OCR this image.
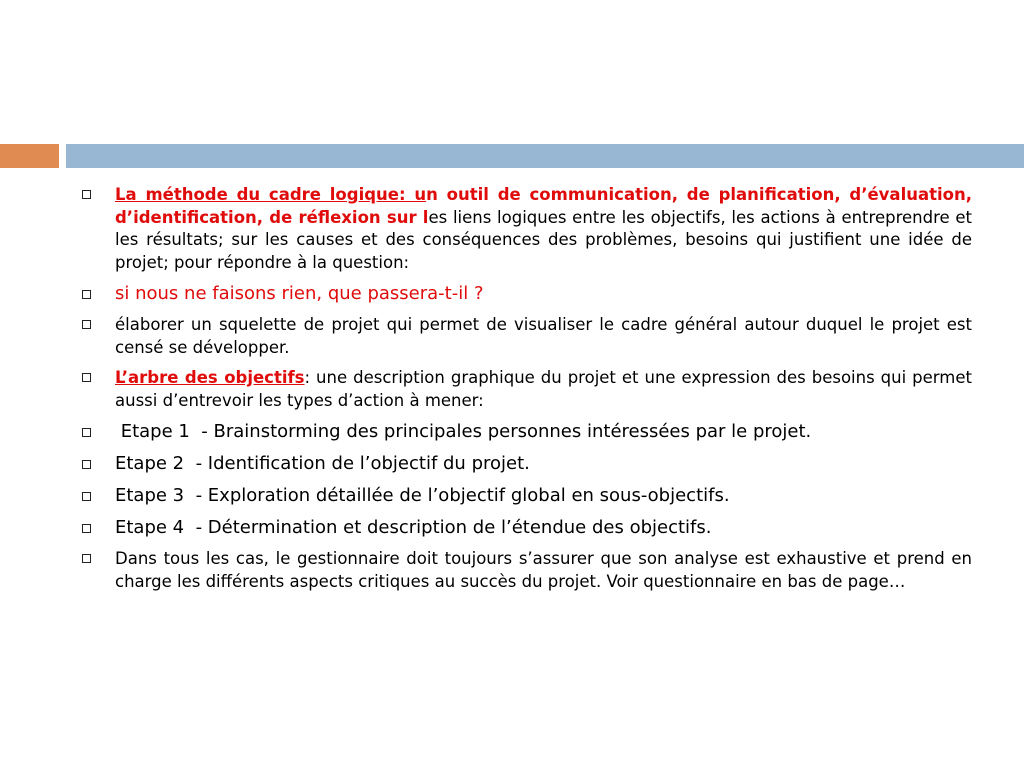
La méthode du cadre logique: un outil de communication, de planification, d’évaluation, d’identification, de réflexion sur les liens logiques entre les objectifs, les actions à entreprendre et les résultats; sur les causes et des conséquences des problèmes, besoins qui justifient une idée de projet; pour répondre à la question:
si nous ne faisons rien, que passera-t-il ?
élaborer un squelette de projet qui permet de visualiser le cadre général autour duquel le projet est censé se développer.
L’arbre des objectifs: une description graphique du projet et une expression des besoins qui permet aussi d’entrevoir les types d’action à mener:
Etape 1  - Brainstorming des principales personnes intéressées par le projet.
Etape 2  - Identification de l’objectif du projet.
Etape 3  - Exploration détaillée de l’objectif global en sous-objectifs.
Etape 4  - Détermination et description de l’étendue des objectifs.
Dans tous les cas, le gestionnaire doit toujours s’assurer que son analyse est exhaustive et prend en charge les différents aspects critiques au succès du projet. Voir questionnaire en bas de page…
